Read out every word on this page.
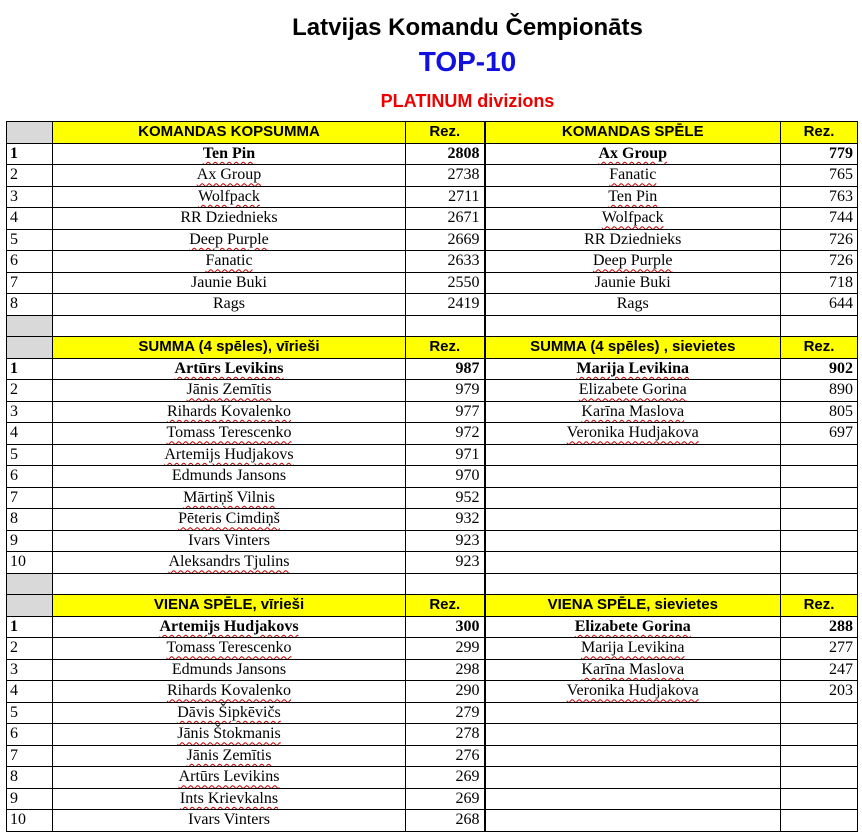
Latvijas Komandu Čempionāts
TOP-10
PLATINUM divizions
	KOMANDAS KOPSUMMA	Rez.	KOMANDAS SPĒLE	Rez.
1	Ten Pin	2808	Ax Group	779
2	Ax Group	2738	Fanatic	765
3	Wolfpack	2711	Ten Pin	763
4	RR Dziednieks	2671	Wolfpack	744
5	Deep Purple	2669	RR Dziednieks	726
6	Fanatic	2633	Deep Purple	726
7	Jaunie Buki	2550	Jaunie Buki	718
8	Rags	2419	Rags	644

	SUMMA (4 spēles), vīrieši	Rez.	SUMMA (4 spēles) , sievietes	Rez.
1	Artūrs Levikins	987	Marija Levikina	902
2	Jānis Zemītis	979	Elizabete Gorina	890
3	Rihards Kovalenko	977	Karīna Maslova	805
4	Tomass Terescenko	972	Veronika Hudjakova	697
5	Artemijs Hudjakovs	971		
6	Edmunds Jansons	970		
7	Mārtiņš Vilnis	952		
8	Pēteris Cimdiņš	932		
9	Ivars Vinters	923		
10	Aleksandrs Tjulins	923		

	VIENA SPĒLE, vīrieši	Rez.	VIENA SPĒLE, sievietes	Rez.
1	Artemijs Hudjakovs	300	Elizabete Gorina	288
2	Tomass Terescenko	299	Marija Levikina	277
3	Edmunds Jansons	298	Karīna Maslova	247
4	Rihards Kovalenko	290	Veronika Hudjakova	203
5	Dāvis Šipkēvičs	279		
6	Jānis Štokmanis	278		
7	Jānis Zemītis	276		
8	Artūrs Levikins	269		
9	Ints Krievkalns	269		
10	Ivars Vinters	268		
